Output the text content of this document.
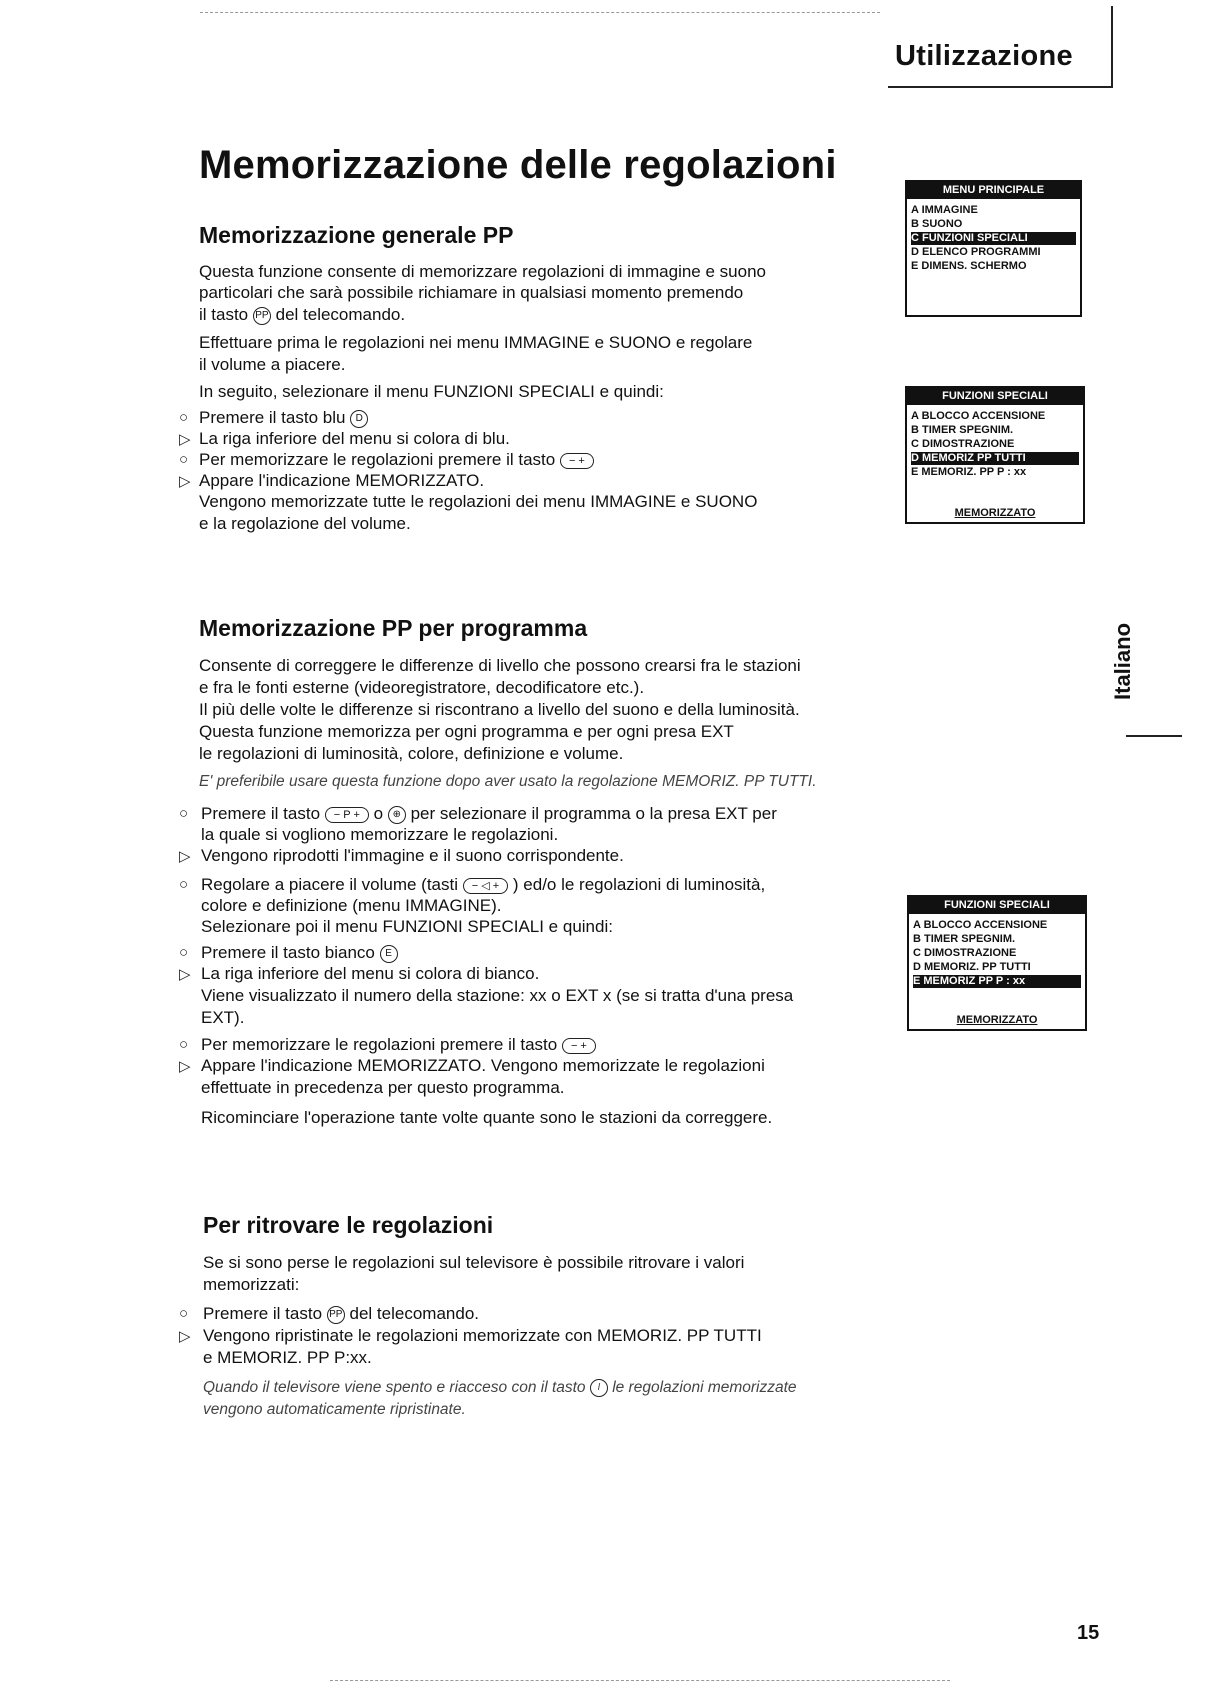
Utilizzazione
Memorizzazione delle regolazioni
Memorizzazione generale PP
Questa funzione consente di memorizzare regolazioni di immagine e suono
particolari che sarà possibile richiamare in qualsiasi momento premendo
il tasto PP del telecomando.
Effettuare prima le regolazioni nei menu IMMAGINE e SUONO e regolare
il volume a piacere.
In seguito, selezionare il menu FUNZIONI SPECIALI e quindi:
○ Premere il tasto blu D
▷ La riga inferiore del menu si colora di blu.
○ Per memorizzare le regolazioni premere il tasto − +
▷ Appare l'indicazione MEMORIZZATO.
Vengono memorizzate tutte le regolazioni dei menu IMMAGINE e SUONO
e la regolazione del volume.
MENU PRINCIPALE
A IMMAGINE
B SUONO
C FUNZIONI SPECIALI
D ELENCO PROGRAMMI
E DIMENS. SCHERMO
FUNZIONI SPECIALI
A BLOCCO ACCENSIONE
B TIMER SPEGNIM.
C DIMOSTRAZIONE
D MEMORIZ PP TUTTI
E MEMORIZ. PP P : xx
MEMORIZZATO
Italiano
Memorizzazione PP per programma
Consente di correggere le differenze di livello che possono crearsi fra le stazioni
e fra le fonti esterne (videoregistratore, decodificatore etc.).
Il più delle volte le differenze si riscontrano a livello del suono e della luminosità.
Questa funzione memorizza per ogni programma e per ogni presa EXT
le regolazioni di luminosità, colore, definizione e volume.
E' preferibile usare questa funzione dopo aver usato la regolazione MEMORIZ. PP TUTTI.
○ Premere il tasto − P + o ⊕ per selezionare il programma o la presa EXT per
la quale si vogliono memorizzare le regolazioni.
▷ Vengono riprodotti l'immagine e il suono corrispondente.
○ Regolare a piacere il volume (tasti − ◁ + ) ed/o le regolazioni di luminosità,
colore e definizione (menu IMMAGINE).
Selezionare poi il menu FUNZIONI SPECIALI e quindi:
○ Premere il tasto bianco E
▷ La riga inferiore del menu si colora di bianco.
Viene visualizzato il numero della stazione: xx o EXT x (se si tratta d'una presa
EXT).
○ Per memorizzare le regolazioni premere il tasto − +
▷ Appare l'indicazione MEMORIZZATO. Vengono memorizzate le regolazioni
effettuate in precedenza per questo programma.
Ricominciare l'operazione tante volte quante sono le stazioni da correggere.
FUNZIONI SPECIALI
A BLOCCO ACCENSIONE
B TIMER SPEGNIM.
C DIMOSTRAZIONE
D MEMORIZ. PP TUTTI
E MEMORIZ PP P : xx
MEMORIZZATO
Per ritrovare le regolazioni
Se si sono perse le regolazioni sul televisore è possibile ritrovare i valori
memorizzati:
○ Premere il tasto PP del telecomando.
▷ Vengono ripristinate le regolazioni memorizzate con MEMORIZ. PP TUTTI
e MEMORIZ. PP P:xx.
Quando il televisore viene spento e riacceso con il tasto I le regolazioni memorizzate
vengono automaticamente ripristinate.
15
